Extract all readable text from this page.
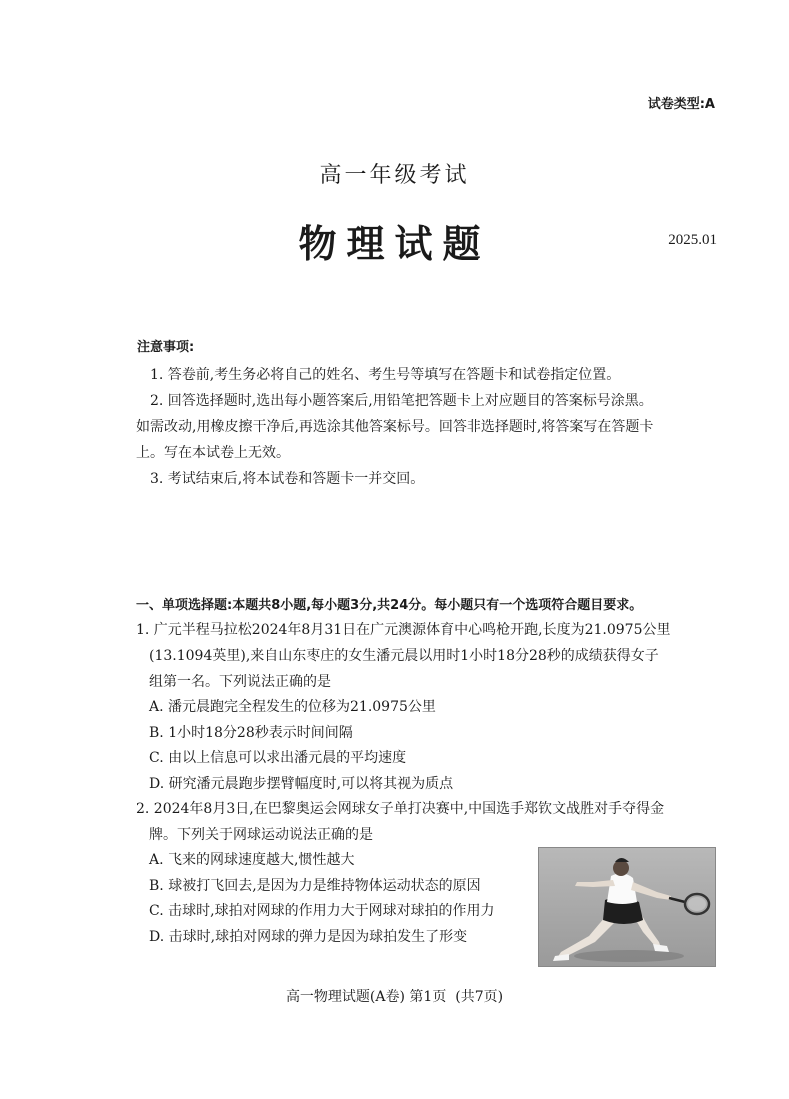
试卷类型:A
高一年级考试
物理试题	2025.01
注意事项:
1. 答卷前,考生务必将自己的姓名、考生号等填写在答题卡和试卷指定位置。
2. 回答选择题时,选出每小题答案后,用铅笔把答题卡上对应题目的答案标号涂黑。
如需改动,用橡皮擦干净后,再选涂其他答案标号。回答非选择题时,将答案写在答题卡
上。写在本试卷上无效。
3. 考试结束后,将本试卷和答题卡一并交回。
一、单项选择题:本题共8小题,每小题3分,共24分。每小题只有一个选项符合题目要求。
1. 广元半程马拉松2024年8月31日在广元澳源体育中心鸣枪开跑,长度为21.0975公里
(13.1094英里),来自山东枣庄的女生潘元晨以用时1小时18分28秒的成绩获得女子
组第一名。下列说法正确的是
A. 潘元晨跑完全程发生的位移为21.0975公里
B. 1小时18分28秒表示时间间隔
C. 由以上信息可以求出潘元晨的平均速度
D. 研究潘元晨跑步摆臂幅度时,可以将其视为质点
2. 2024年8月3日,在巴黎奥运会网球女子单打决赛中,中国选手郑钦文战胜对手夺得金
牌。下列关于网球运动说法正确的是
A. 飞来的网球速度越大,惯性越大
B. 球被打飞回去,是因为力是维持物体运动状态的原因
C. 击球时,球拍对网球的作用力大于网球对球拍的作用力
D. 击球时,球拍对网球的弹力是因为球拍发生了形变
高一物理试题(A卷) 第1页  (共7页)
